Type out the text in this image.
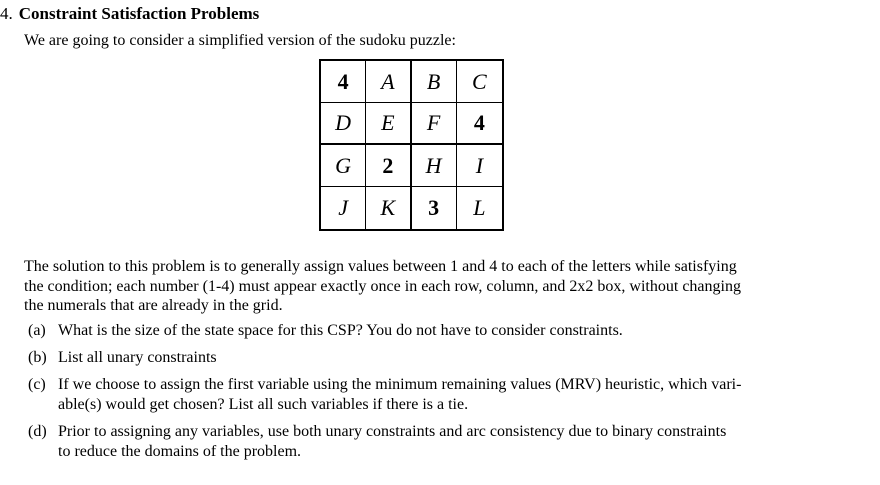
4. Constraint Satisfaction Problems
We are going to consider a simplified version of the sudoku puzzle:
4	A	B	C
D	E	F	4
G	2	H	I
J	K	3	L
The solution to this problem is to generally assign values between 1 and 4 to each of the letters while satisfying
the condition; each number (1-4) must appear exactly once in each row, column, and 2x2 box, without changing
the numerals that are already in the grid.
(a) What is the size of the state space for this CSP? You do not have to consider constraints.
(b) List all unary constraints
(c) If we choose to assign the first variable using the minimum remaining values (MRV) heuristic, which vari-
able(s) would get chosen? List all such variables if there is a tie.
(d) Prior to assigning any variables, use both unary constraints and arc consistency due to binary constraints
to reduce the domains of the problem.
